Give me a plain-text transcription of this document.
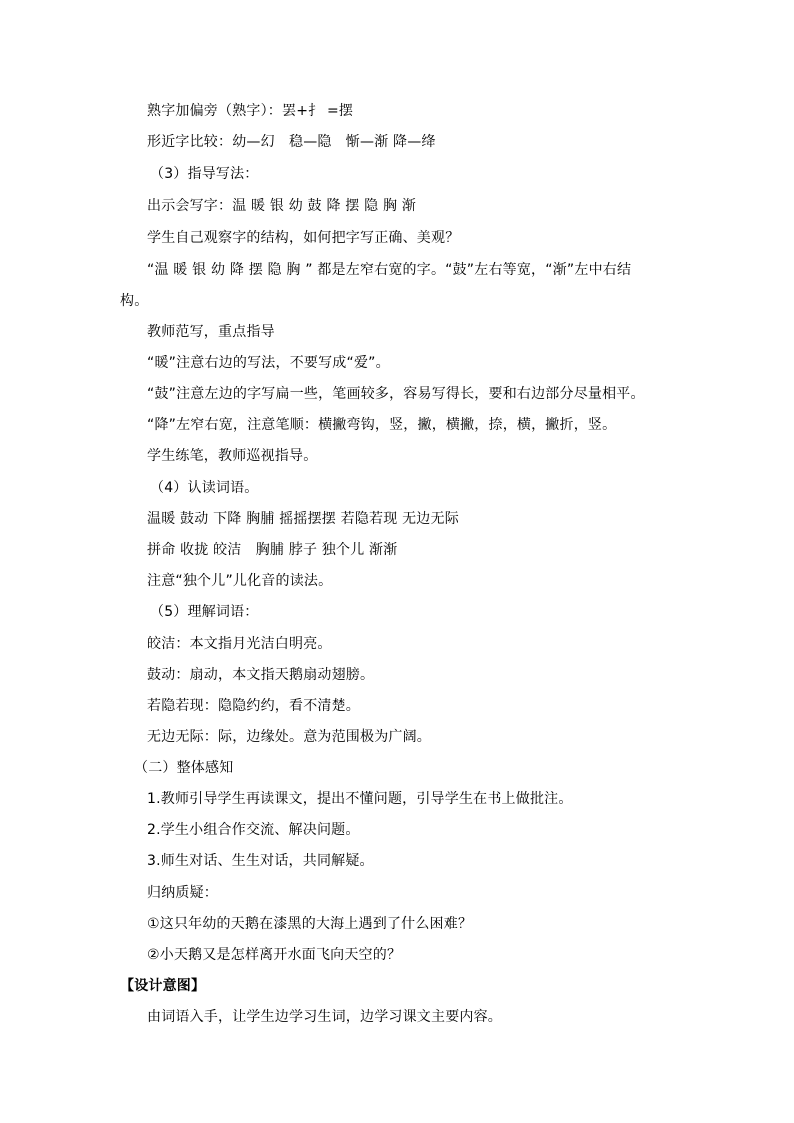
熟字加偏旁（熟字）：罢+扌 =摆
形近字比较：幼—幻　稳—隐　惭—渐 降—绛
（3）指导写法：
出示会写字：温 暖 银 幼 鼓 降 摆 隐 胸 渐
学生自己观察字的结构，如何把字写正确、美观？
“温 暖 银 幼 降 摆 隐 胸 ” 都是左窄右宽的字。“鼓”左右等宽，“渐”左中右结
构。
教师范写，重点指导
“暖”注意右边的写法，不要写成“爱”。
“鼓”注意左边的字写扁一些，笔画较多，容易写得长，要和右边部分尽量相平。
“降”左窄右宽，注意笔顺：横撇弯钩，竖，撇，横撇，捺，横，撇折，竖。
学生练笔，教师巡视指导。
（4）认读词语。
温暖 鼓动 下降 胸脯 摇摇摆摆 若隐若现 无边无际
拼命 收拢 皎洁　胸脯 脖子 独个儿 渐渐
注意“独个儿”儿化音的读法。
（5）理解词语：
皎洁：本文指月光洁白明亮。
鼓动：扇动，本文指天鹅扇动翅膀。
若隐若现：隐隐约约，看不清楚。
无边无际：际，边缘处。意为范围极为广阔。
（二）整体感知
1.教师引导学生再读课文，提出不懂问题，引导学生在书上做批注。
2.学生小组合作交流、解决问题。
3.师生对话、生生对话，共同解疑。
归纳质疑：
①这只年幼的天鹅在漆黑的大海上遇到了什么困难？
②小天鹅又是怎样离开水面飞向天空的？
【设计意图】
由词语入手，让学生边学习生词，边学习课文主要内容。
